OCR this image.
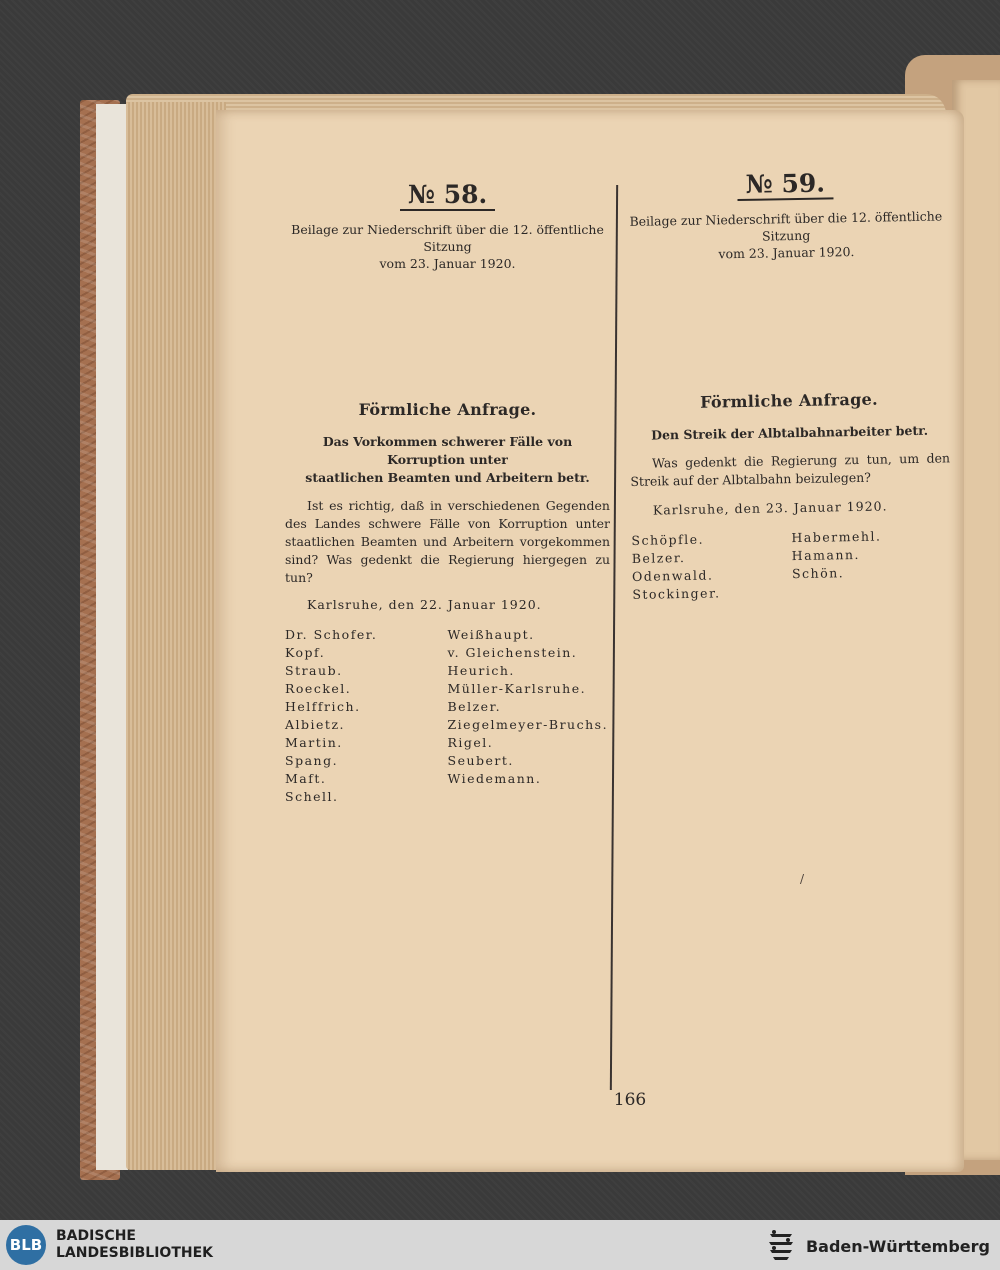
№ 58.
Beilage zur Niederschrift über die 12. öffentliche Sitzung
vom 23. Januar 1920.
Förmliche Anfrage.
Das Vorkommen schwerer Fälle von Korruption unter
staatlichen Beamten und Arbeitern betr.
Ist es richtig, daß in verschiedenen Gegenden des Landes schwere Fälle von Korruption unter staatlichen Beamten und Arbeitern vorgekommen sind? Was gedenkt die Regierung hiergegen zu tun?
Karlsruhe, den 22. Januar 1920.
Dr. Schofer.
Kopf.
Straub.
Roeckel.
Helffrich.
Albietz.
Martin.
Spang.
Maft.
Schell.
Weißhaupt.
v. Gleichenstein.
Heurich.
Müller-Karlsruhe.
Belzer.
Ziegelmeyer-Bruchs.
Rigel.
Seubert.
Wiedemann.
№ 59.
Beilage zur Niederschrift über die 12. öffentliche Sitzung
vom 23. Januar 1920.
Förmliche Anfrage.
Den Streik der Albtalbahnarbeiter betr.
Was gedenkt die Regierung zu tun, um den Streik auf der Albtalbahn beizulegen?
Karlsruhe, den 23. Januar 1920.
Schöpfle.
Belzer.
Odenwald.
Stockinger.
Habermehl.
Hamann.
Schön.
/
166
BLB BADISCHE
LANDESBIBLIOTHEK	Baden-Württemberg
